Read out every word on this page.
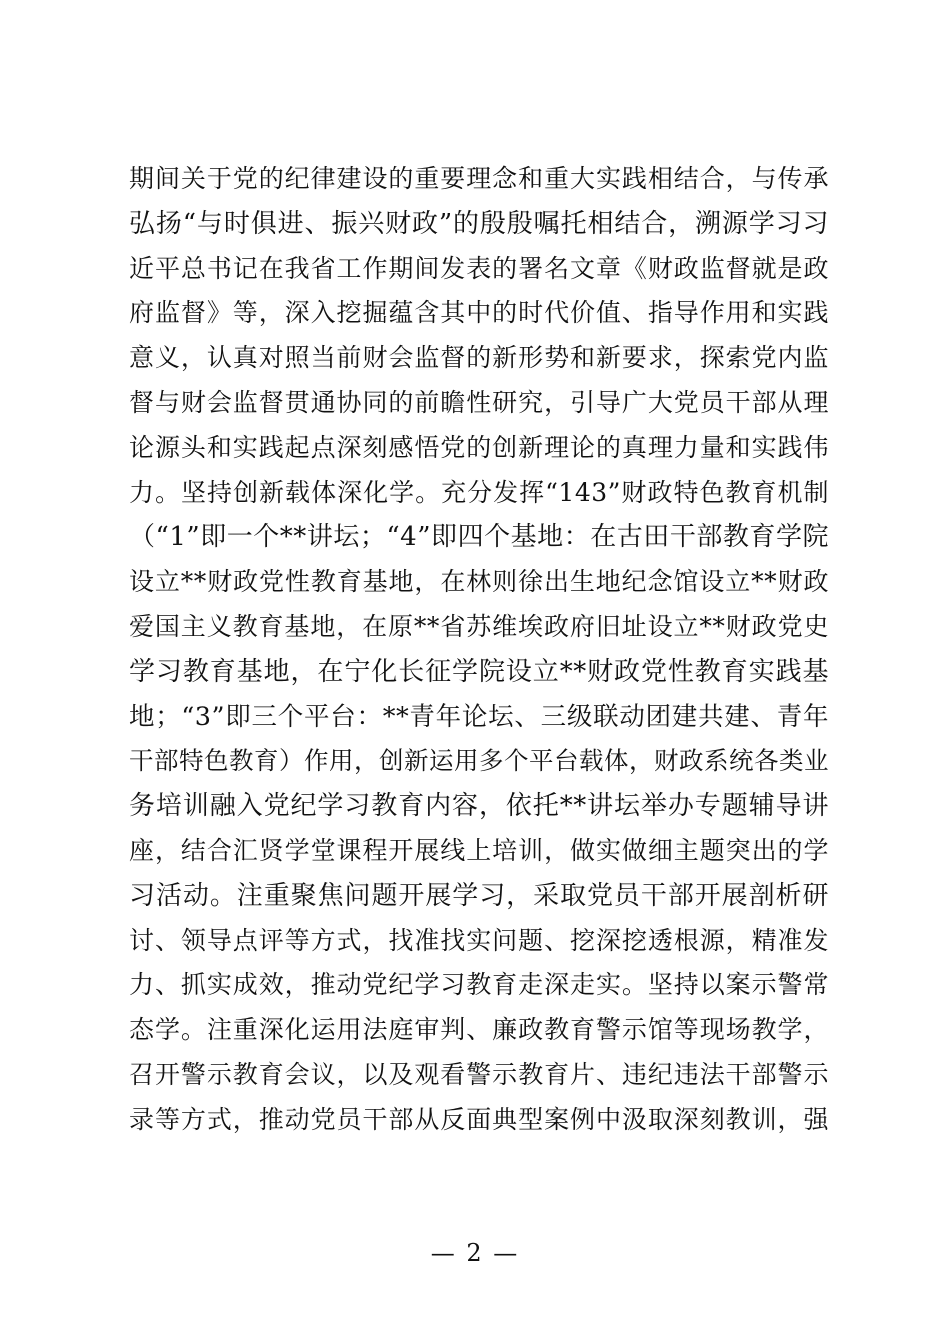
期间关于党的纪律建设的重要理念和重大实践相结合，与传承
弘扬“与时俱进、振兴财政”的殷殷嘱托相结合，溯源学习习
近平总书记在我省工作期间发表的署名文章《财政监督就是政
府监督》等，深入挖掘蕴含其中的时代价值、指导作用和实践
意义，认真对照当前财会监督的新形势和新要求，探索党内监
督与财会监督贯通协同的前瞻性研究，引导广大党员干部从理
论源头和实践起点深刻感悟党的创新理论的真理力量和实践伟
力。坚持创新载体深化学。充分发挥“143”财政特色教育机制
（“1”即一个**讲坛；“4”即四个基地：在古田干部教育学院
设立**财政党性教育基地，在林则徐出生地纪念馆设立**财政
爱国主义教育基地，在原**省苏维埃政府旧址设立**财政党史
学习教育基地，在宁化长征学院设立**财政党性教育实践基
地；“3”即三个平台：**青年论坛、三级联动团建共建、青年
干部特色教育）作用，创新运用多个平台载体，财政系统各类业
务培训融入党纪学习教育内容，依托**讲坛举办专题辅导讲
座，结合汇贤学堂课程开展线上培训，做实做细主题突出的学
习活动。注重聚焦问题开展学习，采取党员干部开展剖析研
讨、领导点评等方式，找准找实问题、挖深挖透根源，精准发
力、抓实成效，推动党纪学习教育走深走实。坚持以案示警常
态学。注重深化运用法庭审判、廉政教育警示馆等现场教学，
召开警示教育会议，以及观看警示教育片、违纪违法干部警示
录等方式，推动党员干部从反面典型案例中汲取深刻教训，强
— 2 —
